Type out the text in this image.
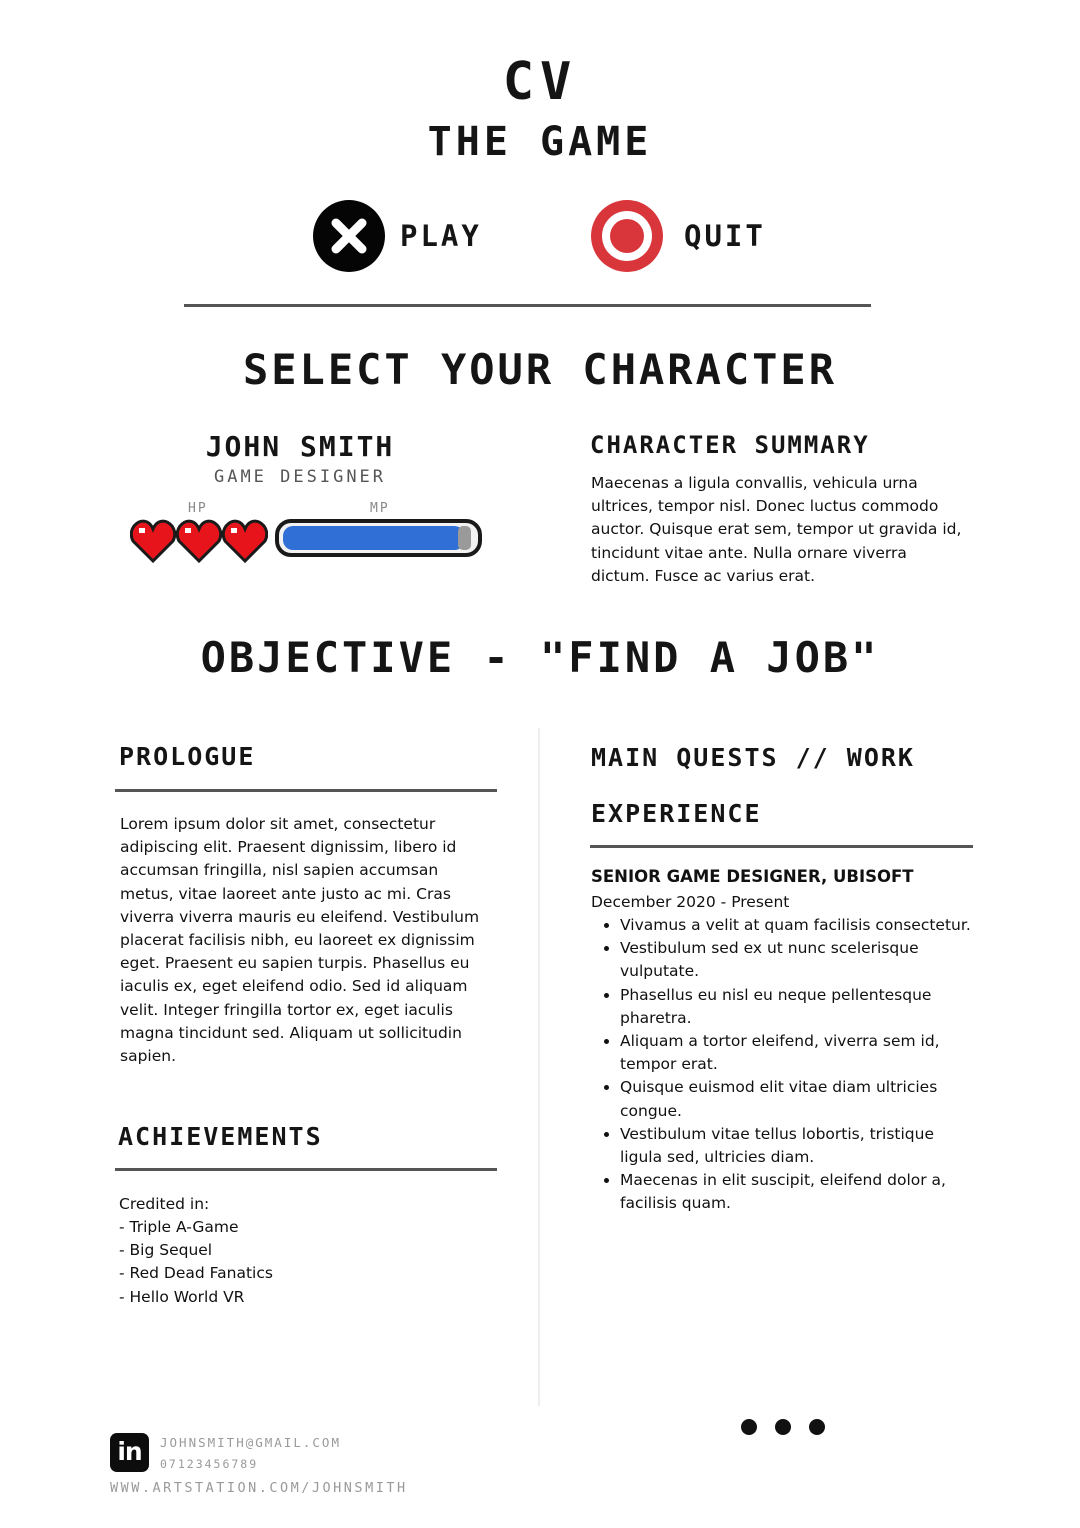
CV
THE GAME
PLAY	QUIT
SELECT YOUR CHARACTER
JOHN SMITH
GAME DESIGNER
HP	MP
CHARACTER SUMMARY
Maecenas a ligula convallis, vehicula urna ultrices, tempor nisl. Donec luctus commodo auctor. Quisque erat sem, tempor ut gravida id, tincidunt vitae ante. Nulla ornare viverra dictum. Fusce ac varius erat.
OBJECTIVE - "FIND A JOB"
PROLOGUE
Lorem ipsum dolor sit amet, consectetur adipiscing elit. Praesent dignissim, libero id accumsan fringilla, nisl sapien accumsan metus, vitae laoreet ante justo ac mi. Cras viverra viverra mauris eu eleifend. Vestibulum placerat facilisis nibh, eu laoreet ex dignissim eget. Praesent eu sapien turpis. Phasellus eu iaculis ex, eget eleifend odio. Sed id aliquam velit. Integer fringilla tortor ex, eget iaculis magna tincidunt sed. Aliquam ut sollicitudin sapien.
ACHIEVEMENTS
Credited in:
- Triple A-Game
- Big Sequel
- Red Dead Fanatics
- Hello World VR
MAIN QUESTS // WORK
EXPERIENCE
SENIOR GAME DESIGNER, UBISOFT
December 2020 - Present
• Vivamus a velit at quam facilisis consectetur.
• Vestibulum sed ex ut nunc scelerisque vulputate.
• Phasellus eu nisl eu neque pellentesque pharetra.
• Aliquam a tortor eleifend, viverra sem id, tempor erat.
• Quisque euismod elit vitae diam ultricies congue.
• Vestibulum vitae tellus lobortis, tristique ligula sed, ultricies diam.
• Maecenas in elit suscipit, eleifend dolor a, facilisis quam.
in	JOHNSMITH@GMAIL.COM
07123456789
WWW.ARTSTATION.COM/JOHNSMITH
